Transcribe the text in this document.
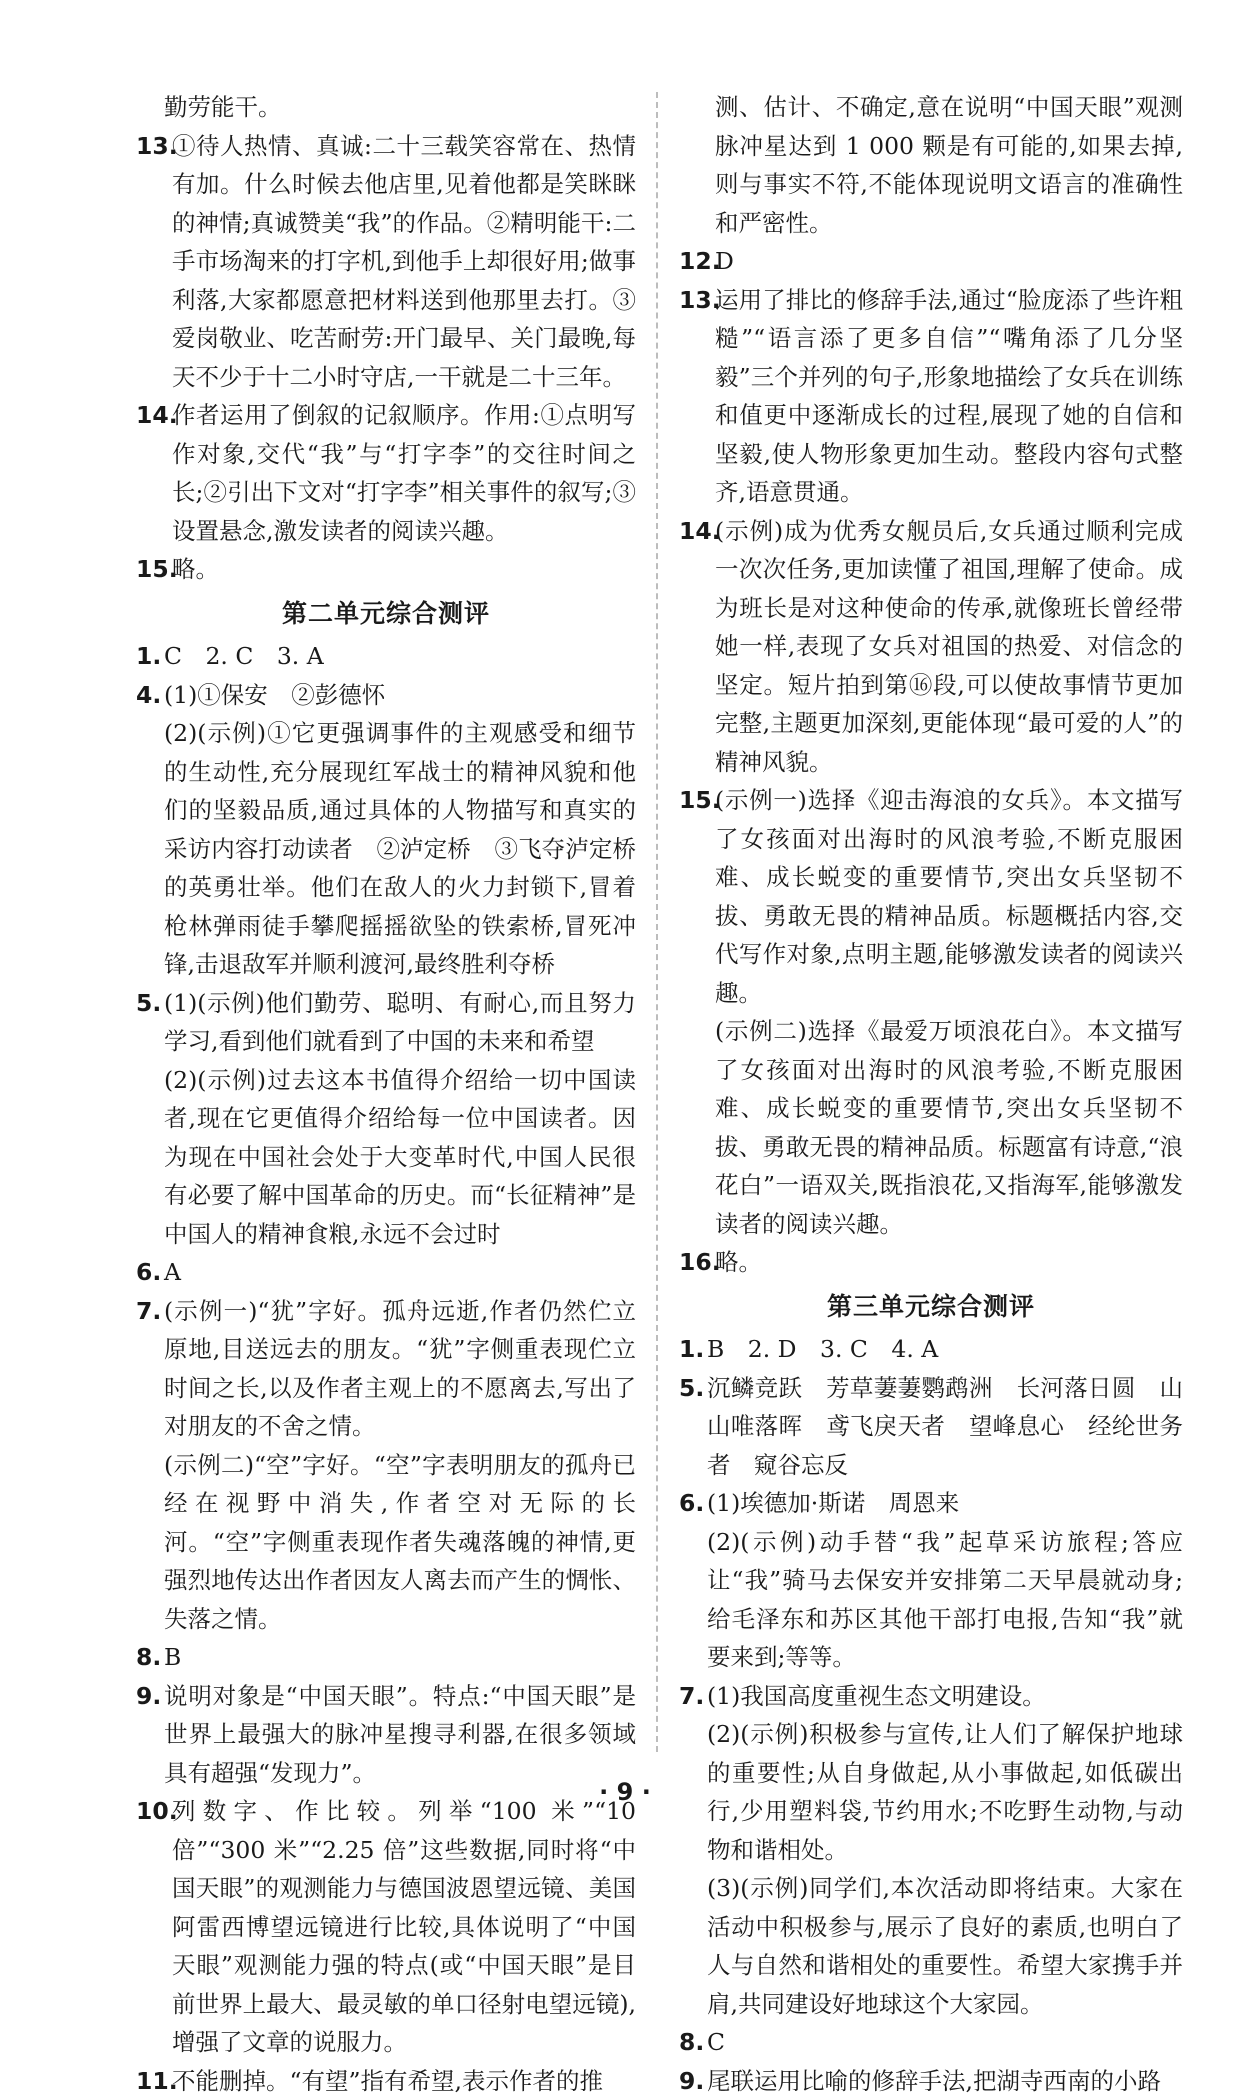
勤劳能干。
13.
①待人热情、真诚:二十三载笑容常在、热情有加。什么时候去他店里,见着他都是笑眯眯的神情;真诚赞美“我”的作品。②精明能干:二手市场淘来的打字机,到他手上却很好用;做事利落,大家都愿意把材料送到他那里去打。③爱岗敬业、吃苦耐劳:开门最早、关门最晚,每天不少于十二小时守店,一干就是二十三年。
14.
作者运用了倒叙的记叙顺序。作用:①点明写作对象,交代“我”与“打字李”的交往时间之长;②引出下文对“打字李”相关事件的叙写;③设置悬念,激发读者的阅读兴趣。
15.
略。
第二单元综合测评
1. C　2. C　3. A
4. (1)①保安　②彭德怀
(2)(示例)①它更强调事件的主观感受和细节的生动性,充分展现红军战士的精神风貌和他们的坚毅品质,通过具体的人物描写和真实的采访内容打动读者　②泸定桥　③飞夺泸定桥的英勇壮举。他们在敌人的火力封锁下,冒着枪林弹雨徒手攀爬摇摇欲坠的铁索桥,冒死冲锋,击退敌军并顺利渡河,最终胜利夺桥
5. (1)(示例)他们勤劳、聪明、有耐心,而且努力学习,看到他们就看到了中国的未来和希望
(2)(示例)过去这本书值得介绍给一切中国读者,现在它更值得介绍给每一位中国读者。因为现在中国社会处于大变革时代,中国人民很有必要了解中国革命的历史。而“长征精神”是中国人的精神食粮,永远不会过时
6. A
7. (示例一)“犹”字好。孤舟远逝,作者仍然伫立原地,目送远去的朋友。“犹”字侧重表现伫立时间之长,以及作者主观上的不愿离去,写出了对朋友的不舍之情。
(示例二)“空”字好。“空”字表明朋友的孤舟已经在视野中消失,作者空对无际的长河。“空”字侧重表现作者失魂落魄的神情,更强烈地传达出作者因友人离去而产生的惆怅、失落之情。
8. B
9. 说明对象是“中国天眼”。特点:“中国天眼”是世界上最强大的脉冲星搜寻利器,在很多领域具有超强“发现力”。
10.
列数字、作比较。列举“100 米”“10 倍”“300 米”“2.25 倍”这些数据,同时将“中国天眼”的观测能力与德国波恩望远镜、美国阿雷西博望远镜进行比较,具体说明了“中国天眼”观测能力强的特点(或“中国天眼”是目前世界上最大、最灵敏的单口径射电望远镜),增强了文章的说服力。
11.
不能删掉。“有望”指有希望,表示作者的推
测、估计、不确定,意在说明“中国天眼”观测脉冲星达到 1 000 颗是有可能的,如果去掉,则与事实不符,不能体现说明文语言的准确性和严密性。
12.
D
13.
运用了排比的修辞手法,通过“脸庞添了些许粗糙”“语言添了更多自信”“嘴角添了几分坚毅”三个并列的句子,形象地描绘了女兵在训练和值更中逐渐成长的过程,展现了她的自信和坚毅,使人物形象更加生动。整段内容句式整齐,语意贯通。
14.
(示例)成为优秀女舰员后,女兵通过顺利完成一次次任务,更加读懂了祖国,理解了使命。成为班长是对这种使命的传承,就像班长曾经带她一样,表现了女兵对祖国的热爱、对信念的坚定。短片拍到第⑯段,可以使故事情节更加完整,主题更加深刻,更能体现“最可爱的人”的精神风貌。
15.
(示例一)选择《迎击海浪的女兵》。本文描写了女孩面对出海时的风浪考验,不断克服困难、成长蜕变的重要情节,突出女兵坚韧不拔、勇敢无畏的精神品质。标题概括内容,交代写作对象,点明主题,能够激发读者的阅读兴趣。
(示例二)选择《最爱万顷浪花白》。本文描写了女孩面对出海时的风浪考验,不断克服困难、成长蜕变的重要情节,突出女兵坚韧不拔、勇敢无畏的精神品质。标题富有诗意,“浪花白”一语双关,既指浪花,又指海军,能够激发读者的阅读兴趣。
16.
略。
第三单元综合测评
1. B　2. D　3. C　4. A
5. 沉鳞竞跃　芳草萋萋鹦鹉洲　长河落日圆　山山唯落晖　鸢飞戾天者　望峰息心　经纶世务者　窥谷忘反
6. (1)埃德加·斯诺　周恩来
(2)(示例)动手替“我”起草采访旅程;答应让“我”骑马去保安并安排第二天早晨就动身;给毛泽东和苏区其他干部打电报,告知“我”就要来到;等等。
7. (1)我国高度重视生态文明建设。
(2)(示例)积极参与宣传,让人们了解保护地球的重要性;从自身做起,从小事做起,如低碳出行,少用塑料袋,节约用水;不吃野生动物,与动物和谐相处。
(3)(示例)同学们,本次活动即将结束。大家在活动中积极参与,展示了良好的素质,也明白了人与自然和谐相处的重要性。希望大家携手并肩,共同建设好地球这个大家园。
8. C
9. 尾联运用比喻的修辞手法,把湖寺西南的小路
· 9 ·
